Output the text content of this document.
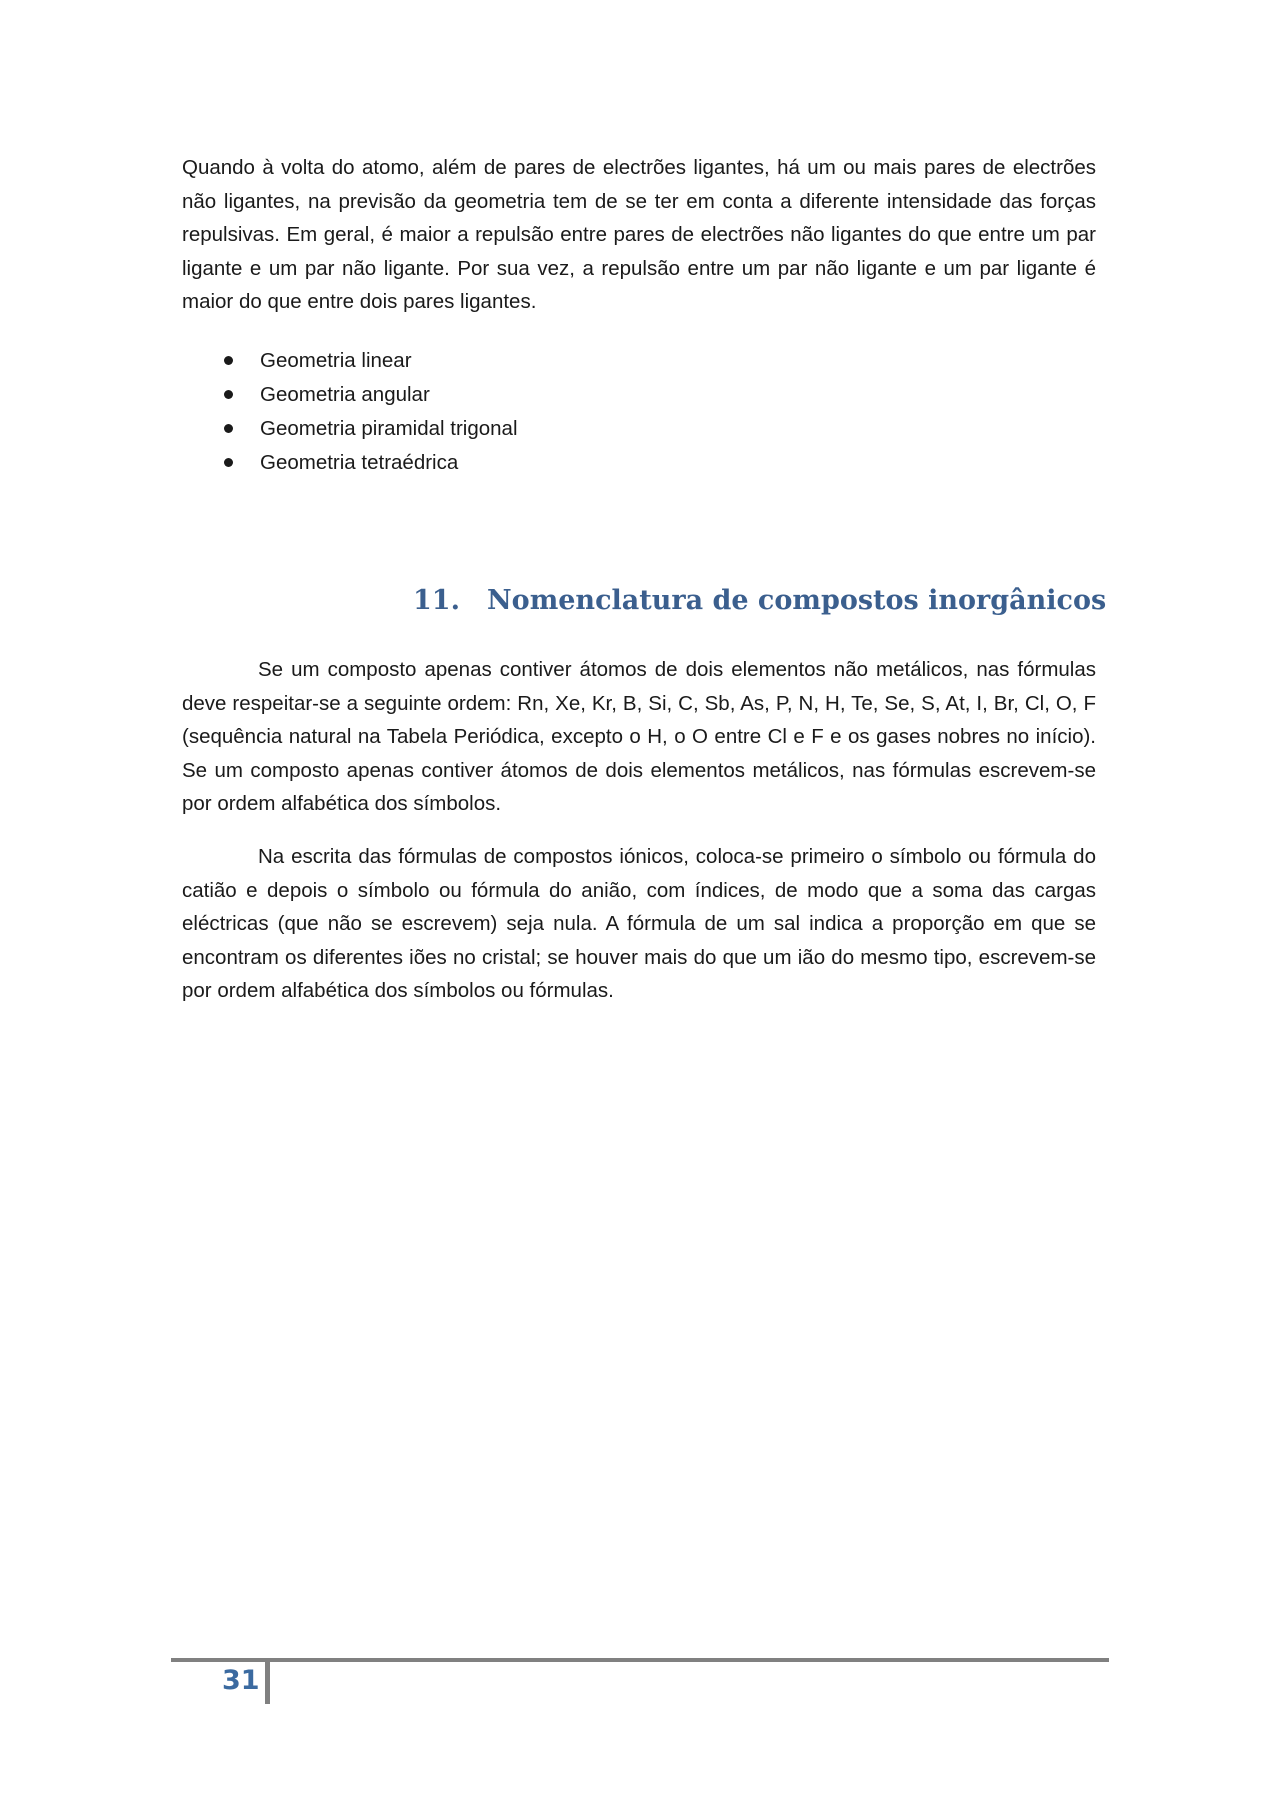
Quando à volta do atomo, além de pares de electrões ligantes, há um ou mais pares de electrões não ligantes, na previsão da geometria tem de se ter em conta a diferente intensidade das forças repulsivas. Em geral, é maior a repulsão entre pares de electrões não ligantes do que entre um par ligante e um par não ligante. Por sua vez, a repulsão entre um par não ligante e um par ligante é maior do que entre dois pares ligantes.

Geometria linear
Geometria angular
Geometria piramidal trigonal
Geometria tetraédrica
11. Nomenclatura de compostos inorgânicos

Se um composto apenas contiver átomos de dois elementos não metálicos, nas fórmulas deve respeitar-se a seguinte ordem: Rn, Xe, Kr, B, Si, C, Sb, As, P, N, H, Te, Se, S, At, I, Br, Cl, O, F (sequência natural na Tabela Periódica, excepto o H, o O entre Cl e F e os gases nobres no início). Se um composto apenas contiver átomos de dois elementos metálicos, nas fórmulas escrevem-se por ordem alfabética dos símbolos.

Na escrita das fórmulas de compostos iónicos, coloca-se primeiro o símbolo ou fórmula do catião e depois o símbolo ou fórmula do anião, com índices, de modo que a soma das cargas eléctricas (que não se escrevem) seja nula. A fórmula de um sal indica a proporção em que se encontram os diferentes iões no cristal; se houver mais do que um ião do mesmo tipo, escrevem-se por ordem alfabética dos símbolos ou fórmulas.

31
